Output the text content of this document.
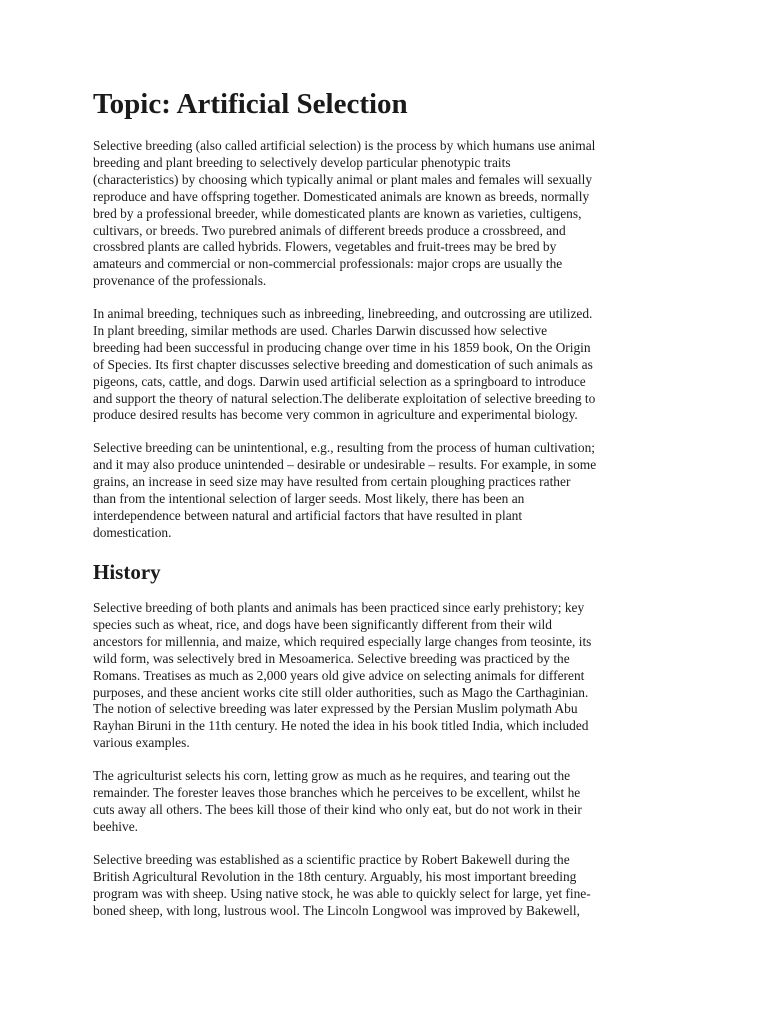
Topic: Artificial Selection
Selective breeding (also called artificial selection) is the process by which humans use animal
breeding and plant breeding to selectively develop particular phenotypic traits
(characteristics) by choosing which typically animal or plant males and females will sexually
reproduce and have offspring together. Domesticated animals are known as breeds, normally
bred by a professional breeder, while domesticated plants are known as varieties, cultigens,
cultivars, or breeds. Two purebred animals of different breeds produce a crossbreed, and
crossbred plants are called hybrids. Flowers, vegetables and fruit-trees may be bred by
amateurs and commercial or non-commercial professionals: major crops are usually the
provenance of the professionals.
In animal breeding, techniques such as inbreeding, linebreeding, and outcrossing are utilized.
In plant breeding, similar methods are used. Charles Darwin discussed how selective
breeding had been successful in producing change over time in his 1859 book, On the Origin
of Species. Its first chapter discusses selective breeding and domestication of such animals as
pigeons, cats, cattle, and dogs. Darwin used artificial selection as a springboard to introduce
and support the theory of natural selection.The deliberate exploitation of selective breeding to
produce desired results has become very common in agriculture and experimental biology.
Selective breeding can be unintentional, e.g., resulting from the process of human cultivation;
and it may also produce unintended – desirable or undesirable – results. For example, in some
grains, an increase in seed size may have resulted from certain ploughing practices rather
than from the intentional selection of larger seeds. Most likely, there has been an
interdependence between natural and artificial factors that have resulted in plant
domestication.
History
Selective breeding of both plants and animals has been practiced since early prehistory; key
species such as wheat, rice, and dogs have been significantly different from their wild
ancestors for millennia, and maize, which required especially large changes from teosinte, its
wild form, was selectively bred in Mesoamerica. Selective breeding was practiced by the
Romans. Treatises as much as 2,000 years old give advice on selecting animals for different
purposes, and these ancient works cite still older authorities, such as Mago the Carthaginian.
The notion of selective breeding was later expressed by the Persian Muslim polymath Abu
Rayhan Biruni in the 11th century. He noted the idea in his book titled India, which included
various examples.
The agriculturist selects his corn, letting grow as much as he requires, and tearing out the
remainder. The forester leaves those branches which he perceives to be excellent, whilst he
cuts away all others. The bees kill those of their kind who only eat, but do not work in their
beehive.
Selective breeding was established as a scientific practice by Robert Bakewell during the
British Agricultural Revolution in the 18th century. Arguably, his most important breeding
program was with sheep. Using native stock, he was able to quickly select for large, yet fine-
boned sheep, with long, lustrous wool. The Lincoln Longwool was improved by Bakewell,
